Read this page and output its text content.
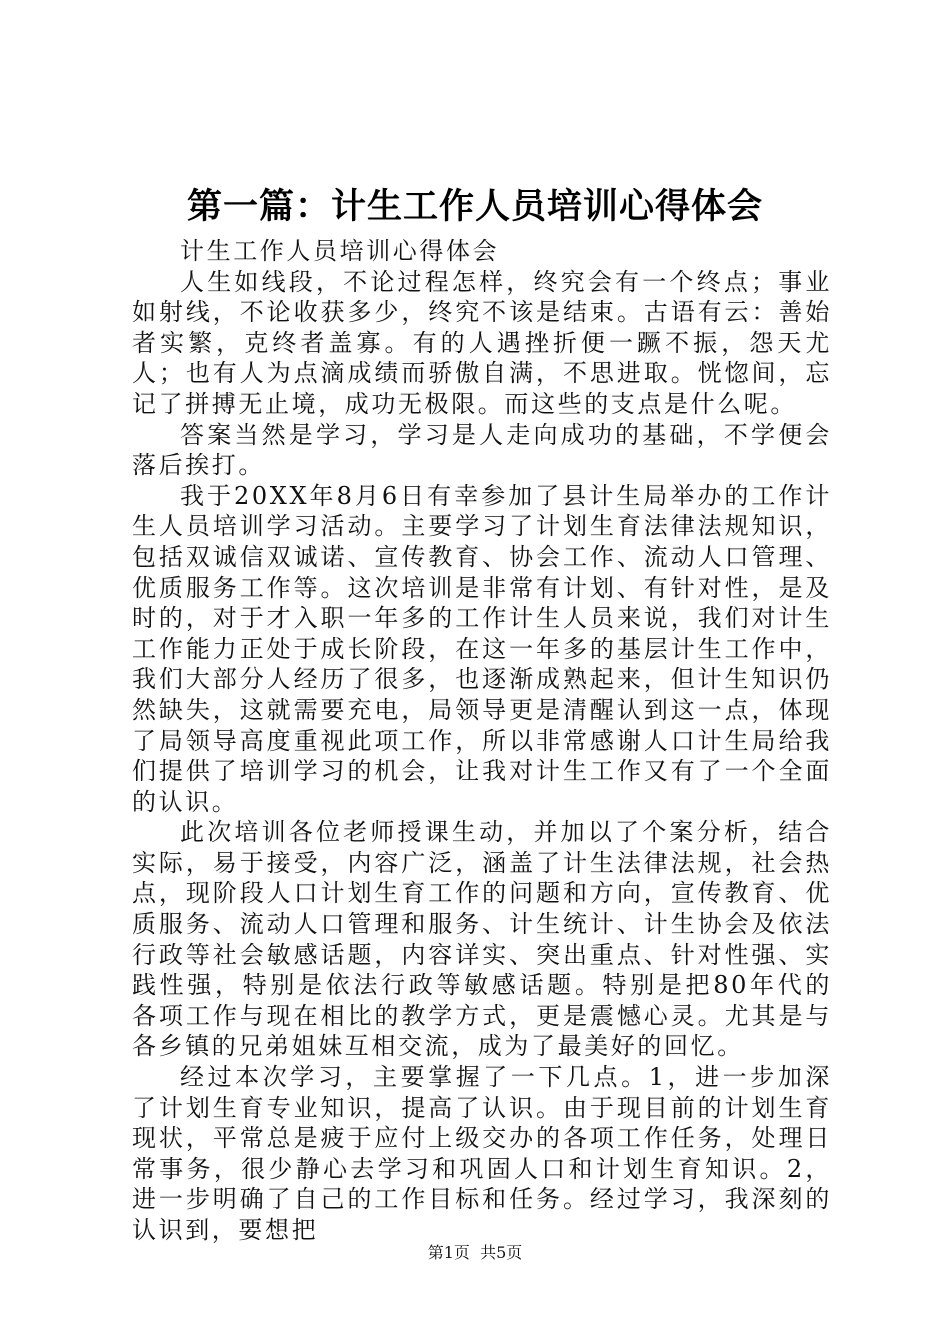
第一篇：计生工作人员培训心得体会

计生工作人员培训心得体会

人生如线段，不论过程怎样，终究会有一个终点；事业如射线，不论收获多少，终究不该是结束。古语有云：善始者实繁，克终者盖寡。有的人遇挫折便一蹶不振，怨天尤人；也有人为点滴成绩而骄傲自满，不思进取。恍惚间，忘记了拼搏无止境，成功无极限。而这些的支点是什么呢。

答案当然是学习，学习是人走向成功的基础，不学便会落后挨打。

我于20XX年8月6日有幸参加了县计生局举办的工作计生人员培训学习活动。主要学习了计划生育法律法规知识，包括双诚信双诚诺、宣传教育、协会工作、流动人口管理、优质服务工作等。这次培训是非常有计划、有针对性，是及时的，对于才入职一年多的工作计生人员来说，我们对计生工作能力正处于成长阶段，在这一年多的基层计生工作中，我们大部分人经历了很多，也逐渐成熟起来，但计生知识仍然缺失，这就需要充电，局领导更是清醒认到这一点，体现了局领导高度重视此项工作，所以非常感谢人口计生局给我们提供了培训学习的机会，让我对计生工作又有了一个全面的认识。

此次培训各位老师授课生动，并加以了个案分析，结合实际，易于接受，内容广泛，涵盖了计生法律法规，社会热点，现阶段人口计划生育工作的问题和方向，宣传教育、优质服务、流动人口管理和服务、计生统计、计生协会及依法行政等社会敏感话题，内容详实、突出重点、针对性强、实践性强，特别是依法行政等敏感话题。特别是把80年代的各项工作与现在相比的教学方式，更是震憾心灵。尤其是与各乡镇的兄弟姐妹互相交流，成为了最美好的回忆。

经过本次学习，主要掌握了一下几点。1，进一步加深了计划生育专业知识，提高了认识。由于现目前的计划生育现状，平常总是疲于应付上级交办的各项工作任务，处理日常事务，很少静心去学习和巩固人口和计划生育知识。2，进一步明确了自己的工作目标和任务。经过学习，我深刻的认识到，要想把

第1页 共5页
